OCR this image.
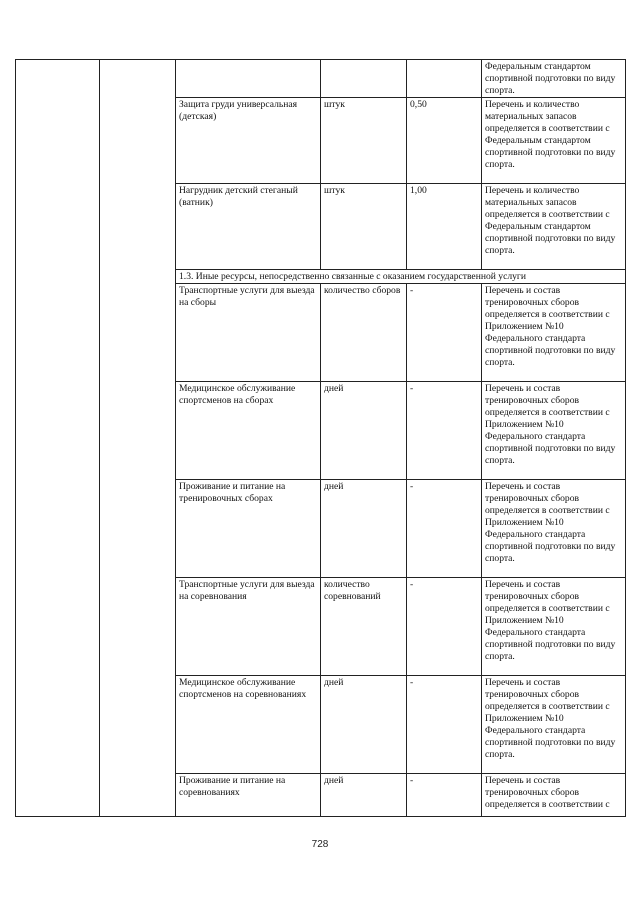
					Федеральным стандартом спортивной подготовки по виду спорта.
		Защита груди универсальная (детская)	штук	0,50	Перечень и количество материальных запасов определяется в соответствии с Федеральным стандартом спортивной подготовки по виду спорта.
		Нагрудник детский стеганый (ватник)	штук	1,00	Перечень и количество материальных запасов определяется в соответствии с Федеральным стандартом спортивной подготовки по виду спорта.
		1.3. Иные ресурсы, непосредственно связанные с оказанием государственной услуги			
		Транспортные услуги для выезда на сборы	количество сборов	-	Перечень и состав тренировочных сборов определяется в соответствии с Приложением №10 Федерального стандарта спортивной подготовки по виду спорта.
		Медицинское обслуживание спортсменов на сборах	дней	-	Перечень и состав тренировочных сборов определяется в соответствии с Приложением №10 Федерального стандарта спортивной подготовки по виду спорта.
		Проживание и питание на тренировочных сборах	дней	-	Перечень и состав тренировочных сборов определяется в соответствии с Приложением №10 Федерального стандарта спортивной подготовки по виду спорта.
		Транспортные услуги для выезда на соревнования	количество соревнований	-	Перечень и состав тренировочных сборов определяется в соответствии с Приложением №10 Федерального стандарта спортивной подготовки по виду спорта.
		Медицинское обслуживание спортсменов на соревнованиях	дней	-	Перечень и состав тренировочных сборов определяется в соответствии с Приложением №10 Федерального стандарта спортивной подготовки по виду спорта.
		Проживание и питание на соревнованиях	дней	-	Перечень и состав тренировочных сборов определяется в соответствии с
728
